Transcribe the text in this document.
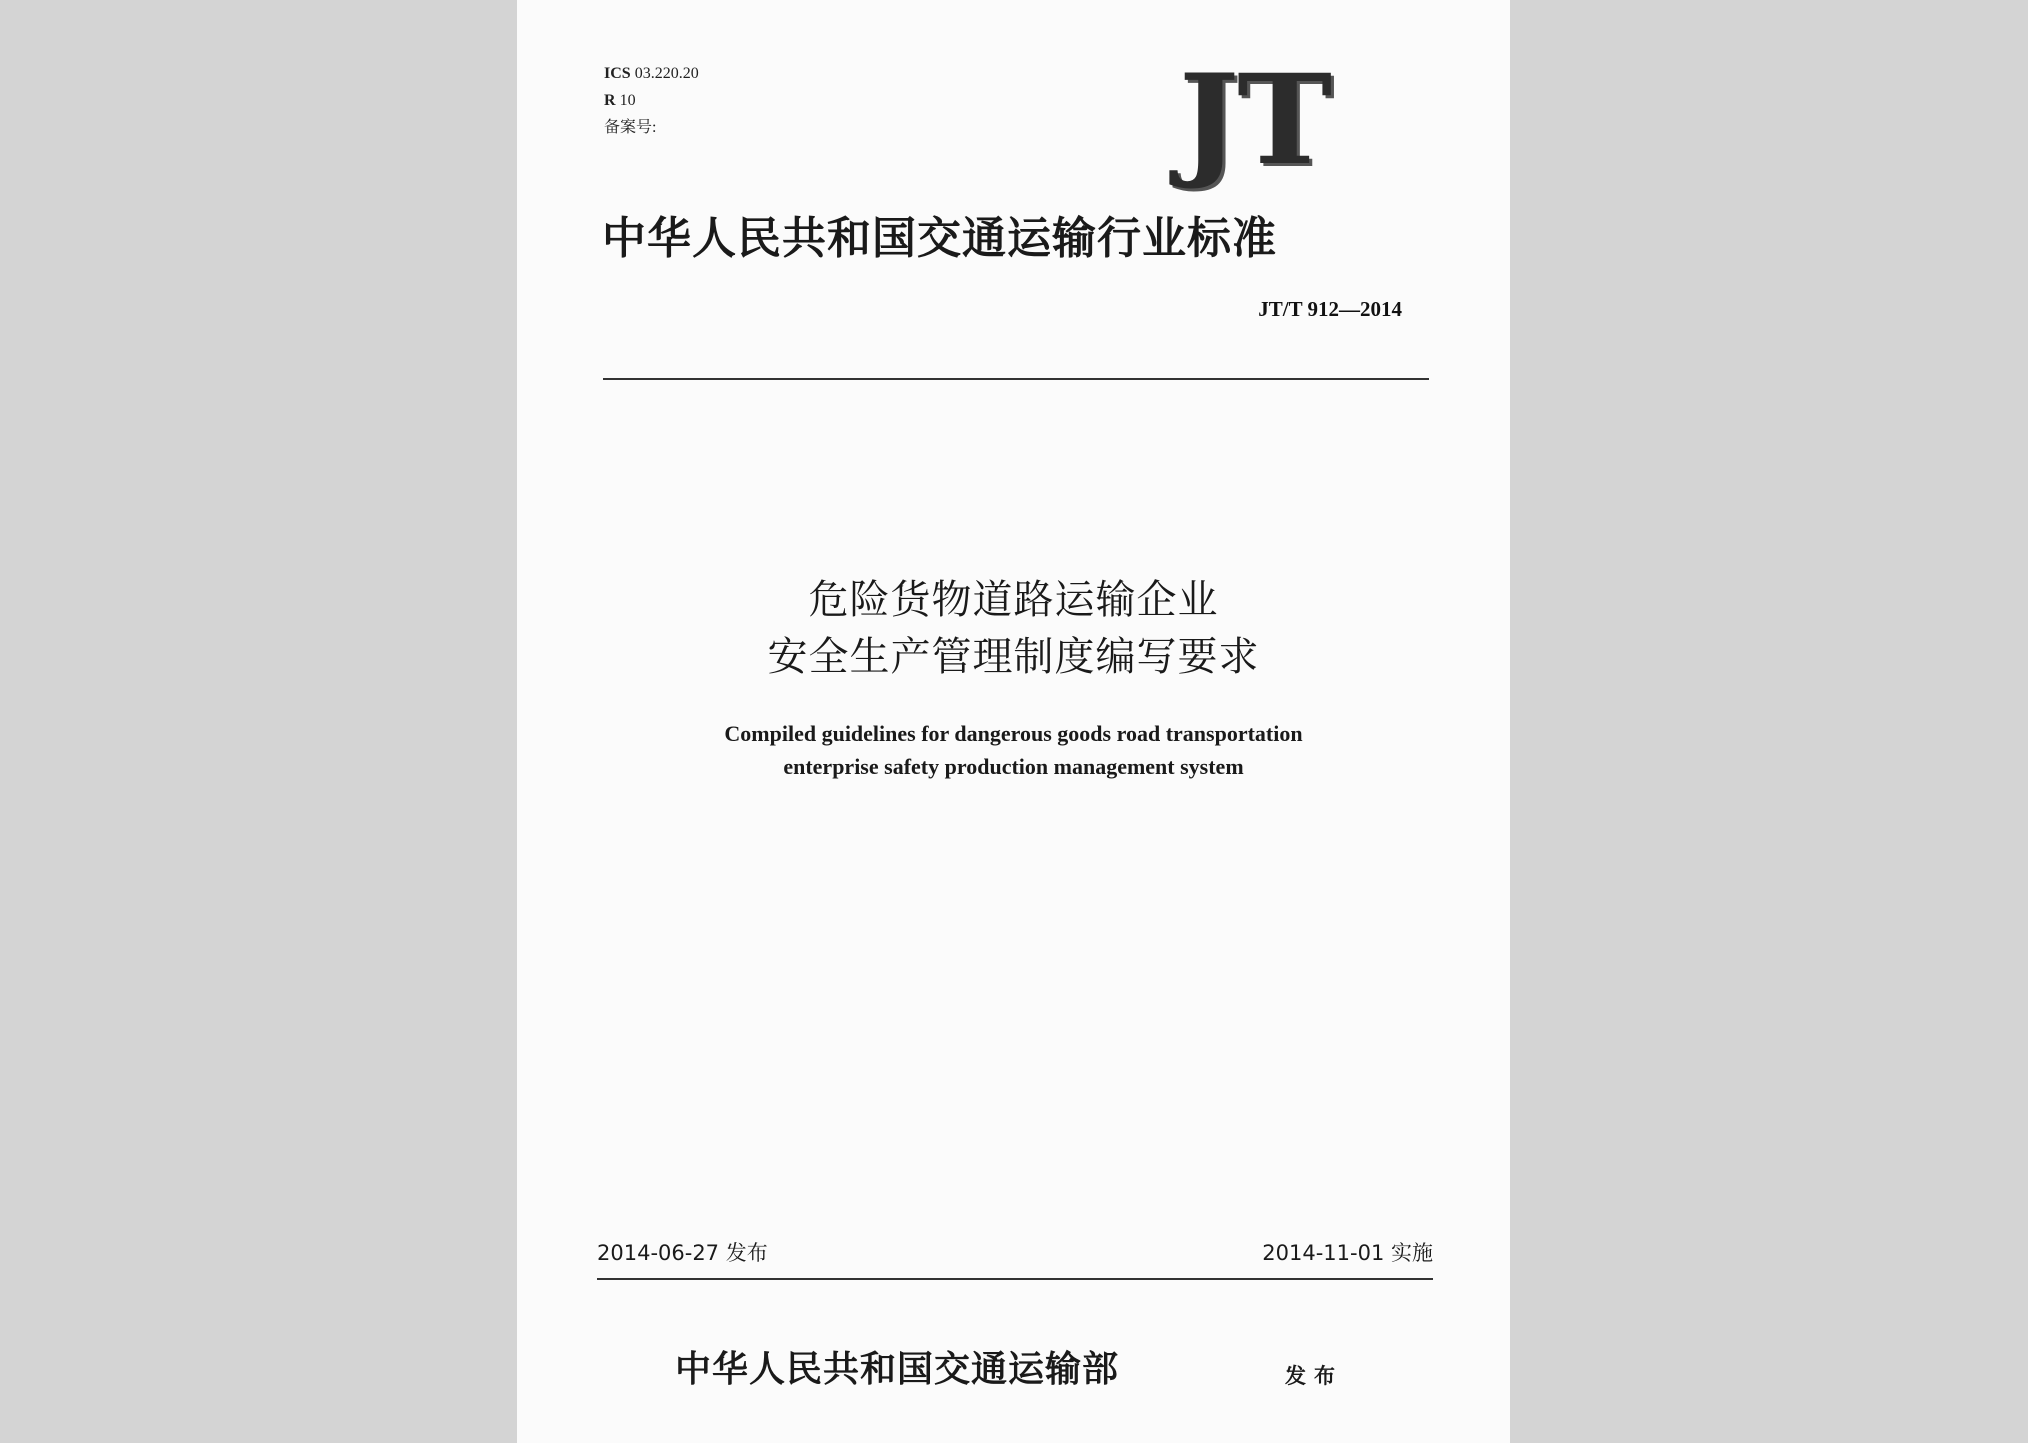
ICS 03.220.20
R 10
备案号:	JT
中华人民共和国交通运输行业标准
JT/T 912—2014
危险货物道路运输企业
安全生产管理制度编写要求
Compiled guidelines for dangerous goods road transportation
enterprise safety production management system
2014-06-27 发布	2014-11-01 实施
中华人民共和国交通运输部	发布
